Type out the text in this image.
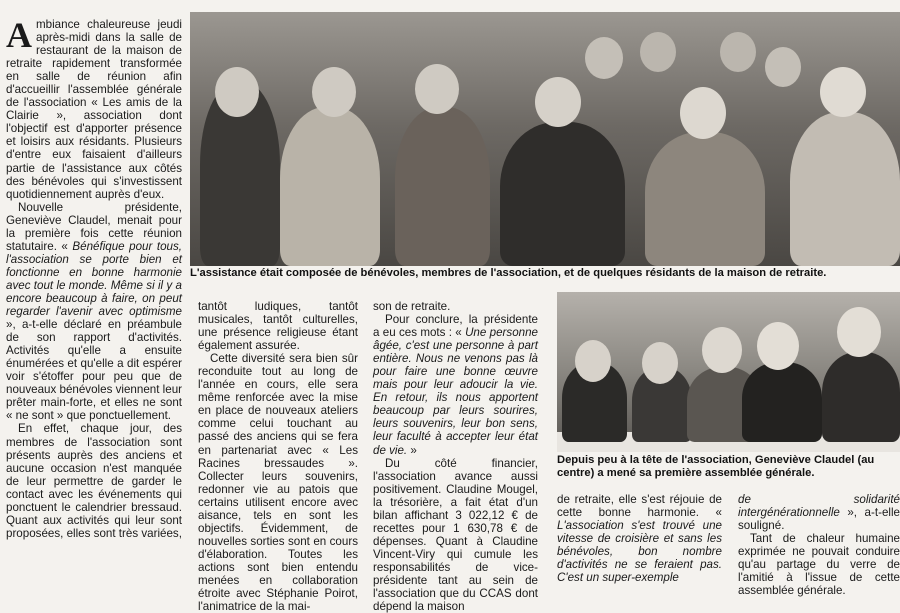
Ambiance chaleureuse jeudi après-midi dans la salle de restaurant de la maison de retraite rapidement transformée en salle de réunion afin d'accueillir l'assemblée générale de l'association « Les amis de la Clairie », association dont l'objectif est d'apporter présence et loisirs aux résidants. Plusieurs d'entre eux faisaient d'ailleurs partie de l'assistance aux côtés des bénévoles qui s'investissent quotidiennement auprès d'eux.

Nouvelle présidente, Geneviève Claudel, menait pour la première fois cette réunion statutaire. « Bénéfique pour tous, l'association se porte bien et fonctionne en bonne harmonie avec tout le monde. Même si il y a encore beaucoup à faire, on peut regarder l'avenir avec optimisme », a-t-elle déclaré en préambule de son rapport d'activités. Activités qu'elle a ensuite énumérées et qu'elle a dit espérer voir s'étoffer pour peu que de nouveaux bénévoles viennent leur prêter main-forte, et elles ne sont « ne sont » que ponctuellement.

En effet, chaque jour, des membres de l'association sont présents auprès des anciens et aucune occasion n'est manquée de leur permettre de garder le contact avec les événements qui ponctuent le calendrier bressaud. Quant aux activités qui leur sont proposées, elles sont très variées,

L'assistance était composée de bénévoles, membres de l'association, et de quelques résidants de la maison de retraite.

tantôt ludiques, tantôt musicales, tantôt culturelles, une présence religieuse étant également assurée.

Cette diversité sera bien sûr reconduite tout au long de l'année en cours, elle sera même renforcée avec la mise en place de nouveaux ateliers comme celui touchant au passé des anciens qui se fera en partenariat avec « Les Racines bressaudes ». Collecter leurs souvenirs, redonner vie au patois que certains utilisent encore avec aisance, tels en sont les objectifs. Évidemment, de nouvelles sorties sont en cours d'élaboration. Toutes les actions sont bien entendu menées en collaboration étroite avec Stéphanie Poirot, l'animatrice de la mai-

son de retraite.

Pour conclure, la présidente a eu ces mots : « Une personne âgée, c'est une personne à part entière. Nous ne venons pas là pour faire une bonne œuvre mais pour leur adoucir la vie. En retour, ils nous apportent beaucoup par leurs sourires, leurs souvenirs, leur bon sens, leur faculté à accepter leur état de vie. »

Du côté financier, l'association avance aussi positivement. Claudine Mougel, la trésorière, a fait état d'un bilan affichant 3 022,12 € de recettes pour 1 630,78 € de dépenses. Quant à Claudine Vincent-Viry qui cumule les responsabilités de vice-présidente tant au sein de l'association que du CCAS dont dépend la maison

Depuis peu à la tête de l'association, Geneviève Claudel (au centre) a mené sa première assemblée générale.

de retraite, elle s'est réjouie de cette bonne harmonie. « L'association s'est trouvé une vitesse de croisière et sans les bénévoles, bon nombre d'activités ne se feraient pas. C'est un super-exemple

de solidarité intergénérationnelle », a-t-elle souligné.

Tant de chaleur humaine exprimée ne pouvait conduire qu'au partage du verre de l'amitié à l'issue de cette assemblée générale.
